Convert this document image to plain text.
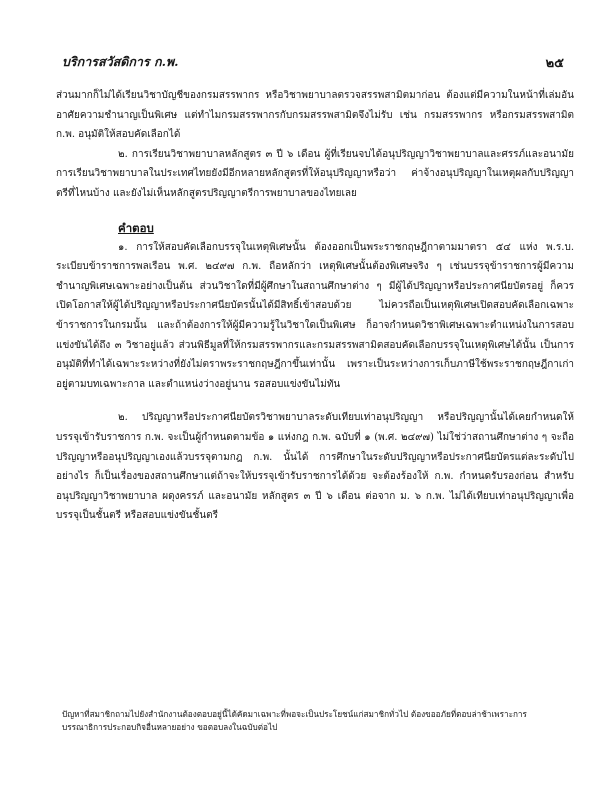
บริการสวัสดิการ ก.พ.	๒๕

ส่วนมากก็ไม่ได้เรียนวิชาบัญชีของกรมสรรพากร หรือวิชาพยาบาลตรวจสรรพสามิตมาก่อน ต้องแต่มีความในหน้าที่เล่มอันอาศัยความชำนาญเป็นพิเศษ แต่ทำไมกรมสรรพากรกับกรมสรรพสามิตจึงไม่รับ เช่น กรมสรรพากร หรือกรมสรรพสามิต ก.พ. อนุมัติให้สอบคัดเลือกได้

๒. การเรียนวิชาพยาบาลหลักสูตร ๓ ปี ๖ เดือน ผู้ที่เรียนจบได้อนุปริญญาวิชาพยาบาลและศรรภ์และอนามัย การเรียนวิชาพยาบาลในประเทศไทยยังมีอีกหลายหลักสูตรที่ให้อนุปริญญาหรือว่า ค่าจ้างอนุปริญญาในเหตุผลกับปริญญาตรีที่ไหนบ้าง และยังไม่เห็นหลักสูตรปริญญาตรีการพยาบาลของไทยเลย

คำตอบ

๑. การให้สอบคัดเลือกบรรจุในเหตุพิเศษนั้น ต้องออกเป็นพระราชกฤษฎีกาตามมาตรา ๕๔ แห่ง พ.ร.บ. ระเบียบข้าราชการพลเรือน พ.ศ. ๒๔๙๗ ก.พ. ถือหลักว่า เหตุพิเศษนั้นต้องพิเศษจริง ๆ เช่นบรรจุข้าราชการผู้มีความชำนาญพิเศษเฉพาะอย่างเป็นต้น ส่วนวิชาใดที่มีผู้ศึกษาในสถานศึกษาต่าง ๆ มีผู้ได้ปริญญาหรือประกาศนียบัตรอยู่ ก็ควรเปิดโอกาสให้ผู้ได้ปริญญาหรือประกาศนียบัตรนั้นได้มีสิทธิ์เข้าสอบด้วย ไม่ควรถือเป็นเหตุพิเศษเปิดสอบคัดเลือกเฉพาะข้าราชการในกรมนั้น และถ้าต้องการให้ผู้มีความรู้ในวิชาใดเป็นพิเศษ ก็อาจกำหนดวิชาพิเศษเฉพาะตำแหน่งในการสอบแข่งขันได้ถึง ๓ วิชาอยู่แล้ว ส่วนพิธีมูลที่ให้กรมสรรพากรและกรมสรรพสามิตสอบคัดเลือกบรรจุในเหตุพิเศษได้นั้น เป็นการอนุมัติที่ทำได้เฉพาะระหว่างที่ยังไม่ตราพระราชกฤษฎีกาขึ้นเท่านั้น เพราะเป็นระหว่างการเก็บภาษีใช้พระราชกฤษฎีกาเก่าอยู่ตามบทเฉพาะกาล และตำแหน่งว่างอยู่นาน รอสอบแข่งขันไม่ทัน

๒. ปริญญาหรือประกาศนียบัตรวิชาพยาบาลระดับเทียบเท่าอนุปริญญา หรือปริญญานั้นได้เคยกำหนดให้บรรจุเข้ารับราชการ ก.พ. จะเป็นผู้กำหนดตามข้อ ๑ แห่งกฎ ก.พ. ฉบับที่ ๑ (พ.ศ. ๒๔๙๗) ไม่ใช่ว่าสถานศึกษาต่าง ๆ จะถือปริญญาหรืออนุปริญญาเองแล้วบรรจุตามกฎ ก.พ. นั้นได้ การศึกษาในระดับปริญญาหรือประกาศนียบัตรแต่ละระดับไปอย่างไร ก็เป็นเรื่องของสถานศึกษาแต่ถ้าจะให้บรรจุเข้ารับราชการได้ด้วย จะต้องร้องให้ ก.พ. กำหนดรับรองก่อน สำหรับอนุปริญญาวิชาพยาบาล ผดุงครรภ์ และอนามัย หลักสูตร ๓ ปี ๖ เดือน ต่อจาก ม. ๖ ก.พ. ไม่ได้เทียบเท่าอนุปริญญาเพื่อบรรจุเป็นชั้นตรี หรือสอบแข่งขันชั้นตรี

ปัญหาที่สมาชิกถามไปยังสำนักงานต้องตอบอยู่นี้ได้คัดมาเฉพาะที่พอจะเป็นประโยชน์แก่สมาชิกทั่วไป ต้องขออภัยที่ตอบล่าช้าเพราะการบรรณาธิการประกอบกิจอื่นหลายอย่าง ขอตอบลงในฉบับต่อไป
